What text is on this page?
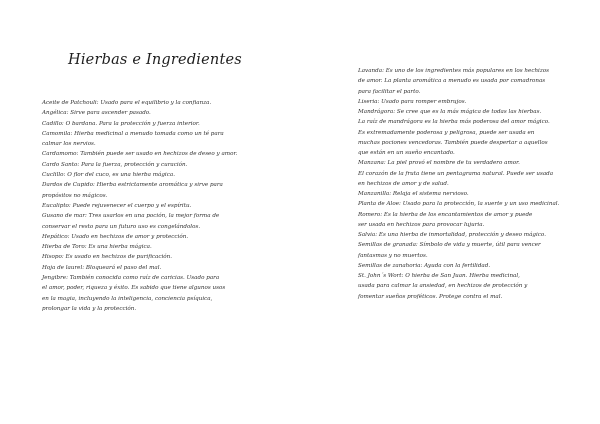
Hierbas e Ingredientes
Aceite de Patchouli: Usado para el equilibrio y la confianza.
Angélica: Sirve para ascender pasado.
Cadillo: O bardana. Para la protección y fuerza interior.
Camomila: Hierba medicinal a menudo tomada como un té para
calmar los nervios.
Cardamomo: También puede ser usado en hechizos de deseo y amor.
Cardo Santo: Para la fuerza, protección y curación.
Cuclillo: O flor del cuco, es una hierba mágica.
Dardos de Cupido: Hierba estrictamente aromática y sirve para
propósitos no mágicos.
Eucalipto: Puede rejuvenecer el cuerpo y el espíritu.
Gusano de mar: Tres usarlos en una poción, la mejor forma de
conservar el resto para un futuro uso es congelándolos.
Hepático: Usado en hechizos de amor y protección.
Hierba de Toro: Es una hierba mágica.
Hisopo: Es usado en hechizos de purificación.
Hoja de laurel: Bloqueará el paso del mal.
Jengibre: También conocida como raíz de caricias. Usado para
el amor, poder, riqueza y éxito. Es sabido que tiene algunos usos
en la magia, incluyendo la inteligencia, conciencia psíquica,
prolongar la vida y la protección.
Lavanda: Es uno de los ingredientes más populares en los hechizos
de amor. La planta aromática a menudo es usada por comadronas
para facilitar el parto.
Liseria: Usado para romper embrujos.
Mandrágora: Se cree que es la más mágica de todas las hierbas.
La raíz de mandrágora es la hierba más poderosa del amor mágico.
Es extremadamente poderosa y peligrosa, puede ser usada en
muchas pociones vencedoras. También puede despertar a aquellos
que están en un sueño encantado.
Manzana: La piel provó el nombre de tu verdadero amor.
El corazón de la fruta tiene un pentagrama natural. Puede ser usada
en hechizos de amor y de salud.
Manzanilla: Relaja el sistema nervioso.
Planta de Aloe: Usado para la protección, la suerte y un uso medicinal.
Romero: Es la hierba de los encantamientos de amor y puede
ser usada en hechizos para provocar lujuria.
Salvia: Es una hierba de inmortalidad, protección y deseo mágico.
Semillas de granada: Símbolo de vida y muerte, útil para vencer
fantasmas y no muertos.
Semillas de zanahoria: Ayuda con la fertilidad.
St. John´s Wort: O hierba de San Juan. Hierba medicinal,
usada para calmar la ansiedad, en hechizos de protección y
fomentar sueños proféticos. Protege contra el mal.
